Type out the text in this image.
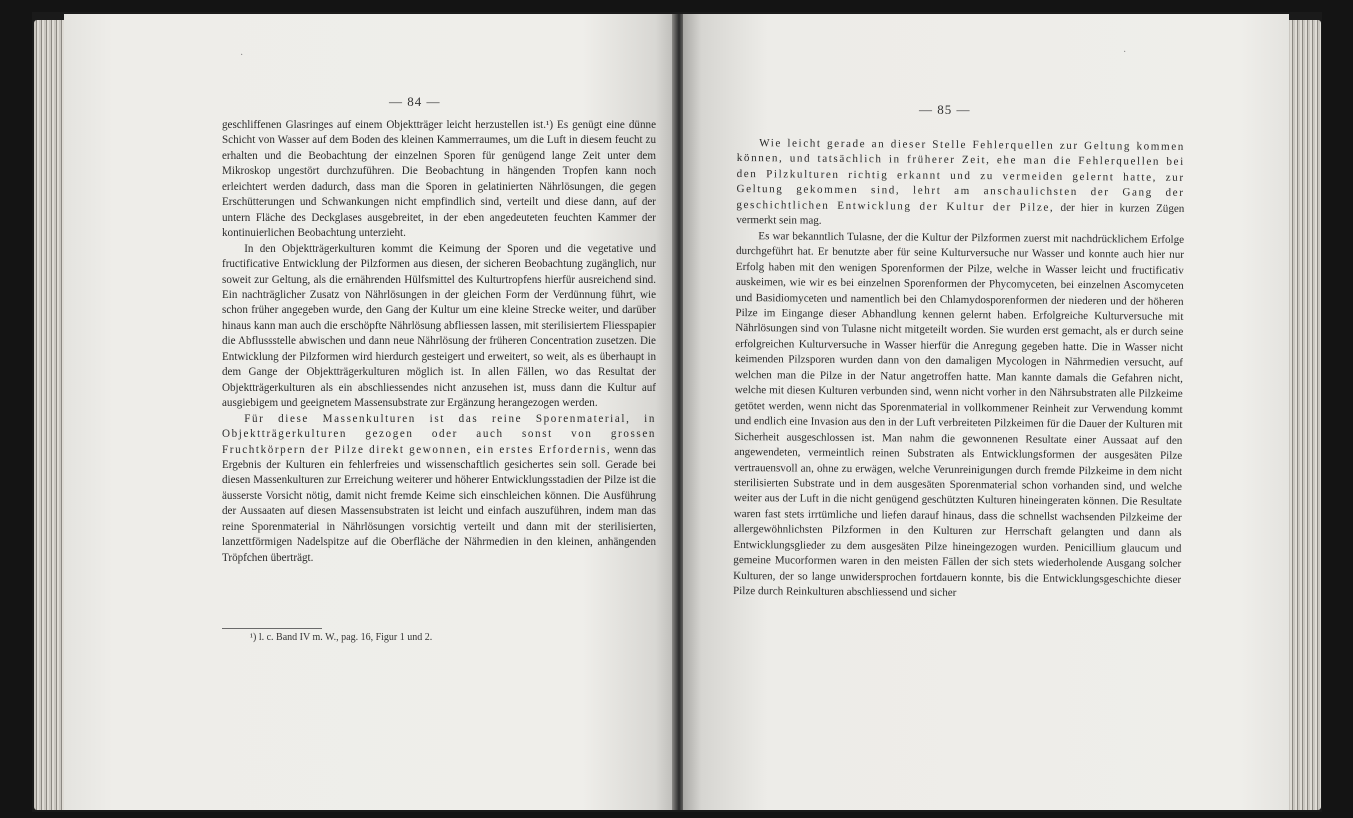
— 84 —
·

geschliffenen Glasringes auf einem Objektträger leicht herzustellen ist.¹) Es genügt eine dünne Schicht von Wasser auf dem Boden des kleinen Kammerraumes, um die Luft in diesem feucht zu erhalten und die Beobachtung der einzelnen Sporen für genügend lange Zeit unter dem Mikroskop ungestört durchzuführen. Die Beobachtung in hängenden Tropfen kann noch erleichtert werden dadurch, dass man die Sporen in gelatinierten Nährlösungen, die gegen Erschütterungen und Schwankungen nicht empfindlich sind, verteilt und diese dann, auf der untern Fläche des Deckglases ausgebreitet, in der eben angedeuteten feuchten Kammer der kontinuierlichen Beobachtung unterzieht.

In den Objektträgerkulturen kommt die Keimung der Sporen und die vegetative und fructificative Entwicklung der Pilzformen aus diesen, der sicheren Beobachtung zugänglich, nur soweit zur Geltung, als die ernährenden Hülfsmittel des Kulturtropfens hierfür ausreichend sind. Ein nachträglicher Zusatz von Nährlösungen in der gleichen Form der Verdünnung führt, wie schon früher angegeben wurde, den Gang der Kultur um eine kleine Strecke weiter, und darüber hinaus kann man auch die erschöpfte Nährlösung abfliessen lassen, mit sterilisiertem Fliesspapier die Abflussstelle abwischen und dann neue Nährlösung der früheren Concentration zusetzen. Die Entwicklung der Pilzformen wird hierdurch gesteigert und erweitert, so weit, als es überhaupt in dem Gange der Objektträgerkulturen möglich ist. In allen Fällen, wo das Resultat der Objektträgerkulturen als ein abschliessendes nicht anzusehen ist, muss dann die Kultur auf ausgiebigem und geeignetem Massensubstrate zur Ergänzung herangezogen werden.

Für diese Massenkulturen ist das reine Sporenmaterial, in Objektträgerkulturen gezogen oder auch sonst von grossen Fruchtkörpern der Pilze direkt gewonnen, ein erstes Erfordernis, wenn das Ergebnis der Kulturen ein fehlerfreies und wissenschaftlich gesichertes sein soll. Gerade bei diesen Massenkulturen zur Erreichung weiterer und höherer Entwicklungsstadien der Pilze ist die äusserste Vorsicht nötig, damit nicht fremde Keime sich einschleichen können. Die Ausführung der Aussaaten auf diesen Massensubstraten ist leicht und einfach auszuführen, indem man das reine Sporenmaterial in Nährlösungen vorsichtig verteilt und dann mit der sterilisierten, lanzettförmigen Nadelspitze auf die Oberfläche der Nährmedien in den kleinen, anhängenden Tröpfchen überträgt.

¹) l. c. Band IV m. W., pag. 16, Figur 1 und 2.
— 85 —
·

Wie leicht gerade an dieser Stelle Fehlerquellen zur Geltung kommen können, und tatsächlich in früherer Zeit, ehe man die Fehlerquellen bei den Pilzkulturen richtig erkannt und zu vermeiden gelernt hatte, zur Geltung gekommen sind, lehrt am anschaulichsten der Gang der geschichtlichen Entwicklung der Kultur der Pilze, der hier in kurzen Zügen vermerkt sein mag.

Es war bekanntlich Tulasne, der die Kultur der Pilzformen zuerst mit nachdrücklichem Erfolge durchgeführt hat. Er benutzte aber für seine Kulturversuche nur Wasser und konnte auch hier nur Erfolg haben mit den wenigen Sporenformen der Pilze, welche in Wasser leicht und fructificativ auskeimen, wie wir es bei einzelnen Sporenformen der Phycomyceten, bei einzelnen Ascomyceten und Basidiomyceten und namentlich bei den Chlamydosporenformen der niederen und der höheren Pilze im Eingange dieser Abhandlung kennen gelernt haben. Erfolgreiche Kulturversuche mit Nährlösungen sind von Tulasne nicht mitgeteilt worden. Sie wurden erst gemacht, als er durch seine erfolgreichen Kulturversuche in Wasser hierfür die Anregung gegeben hatte. Die in Wasser nicht keimenden Pilzsporen wurden dann von den damaligen Mycologen in Nährmedien versucht, auf welchen man die Pilze in der Natur angetroffen hatte. Man kannte damals die Gefahren nicht, welche mit diesen Kulturen verbunden sind, wenn nicht vorher in den Nährsubstraten alle Pilzkeime getötet werden, wenn nicht das Sporenmaterial in vollkommener Reinheit zur Verwendung kommt und endlich eine Invasion aus den in der Luft verbreiteten Pilzkeimen für die Dauer der Kulturen mit Sicherheit ausgeschlossen ist. Man nahm die gewonnenen Resultate einer Aussaat auf den angewendeten, vermeintlich reinen Substraten als Entwicklungsformen der ausgesäten Pilze vertrauensvoll an, ohne zu erwägen, welche Verunreinigungen durch fremde Pilzkeime in dem nicht sterilisierten Substrate und in dem ausgesäten Sporenmaterial schon vorhanden sind, und welche weiter aus der Luft in die nicht genügend geschützten Kulturen hineingeraten können. Die Resultate waren fast stets irrtümliche und liefen darauf hinaus, dass die schnellst wachsenden Pilzkeime der allergewöhnlichsten Pilzformen in den Kulturen zur Herrschaft gelangten und dann als Entwicklungsglieder zu dem ausgesäten Pilze hineingezogen wurden. Penicillium glaucum und gemeine Mucorformen waren in den meisten Fällen der sich stets wiederholende Ausgang solcher Kulturen, der so lange unwidersprochen fortdauern konnte, bis die Entwicklungsgeschichte dieser Pilze durch Reinkulturen abschliessend und sicher
